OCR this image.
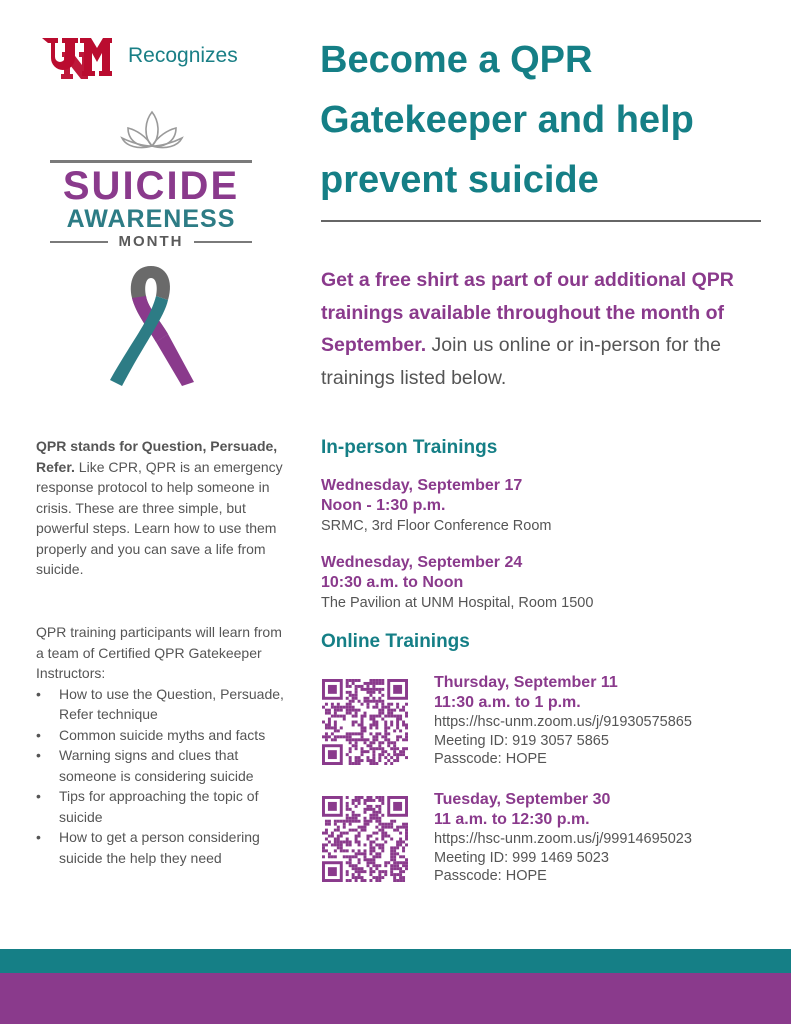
Recognizes
SUICIDE
AWARENESS
MONTH
Become a QPR Gatekeeper and help prevent suicide
Get a free shirt as part of our additional QPR trainings available throughout the month of September. Join us online or in-person for the trainings listed below.
QPR stands for Question, Persuade, Refer. Like CPR, QPR is an emergency response protocol to help someone in crisis. These are three simple, but powerful steps. Learn how to use them properly and you can save a life from suicide.
QPR training participants will learn from a team of Certified QPR Gatekeeper Instructors:
• How to use the Question, Persuade, Refer technique
• Common suicide myths and facts
• Warning signs and clues that someone is considering suicide
• Tips for approaching the topic of suicide
• How to get a person considering suicide the help they need
In-person Trainings
Wednesday, September 17
Noon - 1:30 p.m.
SRMC, 3rd Floor Conference Room
Wednesday, September 24
10:30 a.m. to Noon
The Pavilion at UNM Hospital, Room 1500
Online Trainings
Thursday, September 11
11:30 a.m. to 1 p.m.
https://hsc-unm.zoom.us/j/91930575865
Meeting ID: 919 3057 5865
Passcode: HOPE
Tuesday, September 30
11 a.m. to 12:30 p.m.
https://hsc-unm.zoom.us/j/99914695023
Meeting ID: 999 1469 5023
Passcode: HOPE
